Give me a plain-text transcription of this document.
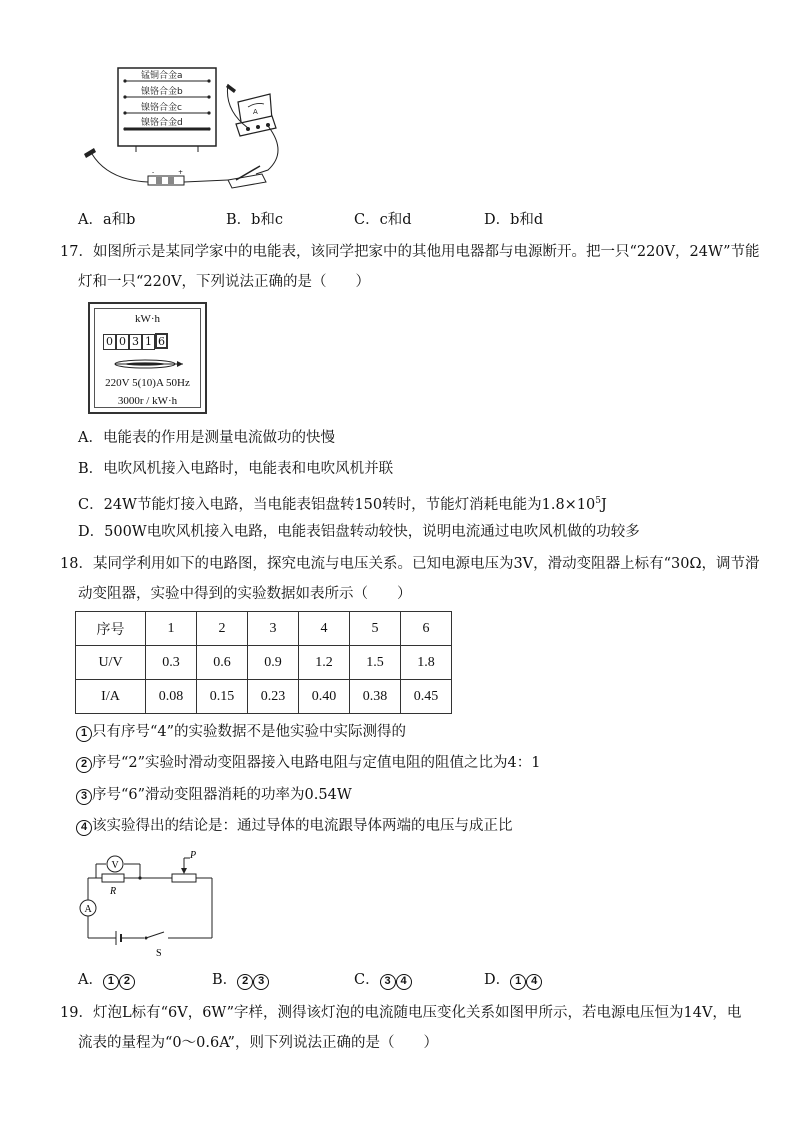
锰铜合金a
镍铬合金b
镍铬合金c
镍铬合金d
A
-	+
A．a和b	B．b和c	C．c和d	D．b和d
17．如图所示是某同学家中的电能表，该同学把家中的其他用电器都与电源断开。把一只“220V，24W”节能
灯和一只“220V，下列说法正确的是（　　）
kW·h
0 0 3 1 6
220V 5(10)A 50Hz
3000r / kW·h
A．电能表的作用是测量电流做功的快慢
B．电吹风机接入电路时，电能表和电吹风机并联
C．24W节能灯接入电路，当电能表铝盘转150转时，节能灯消耗电能为$1.8\times 10^5J$
D．500W电吹风机接入电路，电能表铝盘转动较快，说明电流通过电吹风机做的功较多
18．某同学利用如下的电路图，探究电流与电压关系。已知电源电压为3V，滑动变阻器上标有“30Ω，调节滑
动变阻器，实验中得到的实验数据如表所示（　　）
序号	1	2	3	4	5	6
U/V	0.3	0.6	0.9	1.2	1.5	1.8
I/A	0.08	0.15	0.23	0.40	0.38	0.45
1 只有序号“4”的实验数据不是他实验中实际测得的
2 序号“2”实验时滑动变阻器接入电路电阻与定值电阻的阻值之比为4：1
3 序号“6”滑动变阻器消耗的功率为0.54W
4 该实验得出的结论是：通过导体的电流跟导体两端的电压与成正比
V
R
P
A
S
A． 1 2	B． 2 3	C． 3 4	D． 1 4
19．灯泡L标有“6V，6W”字样，测得该灯泡的电流随电压变化关系如图甲所示，若电源电压恒为14V，电
流表的量程为“0～0.6A”，则下列说法正确的是（　　）
